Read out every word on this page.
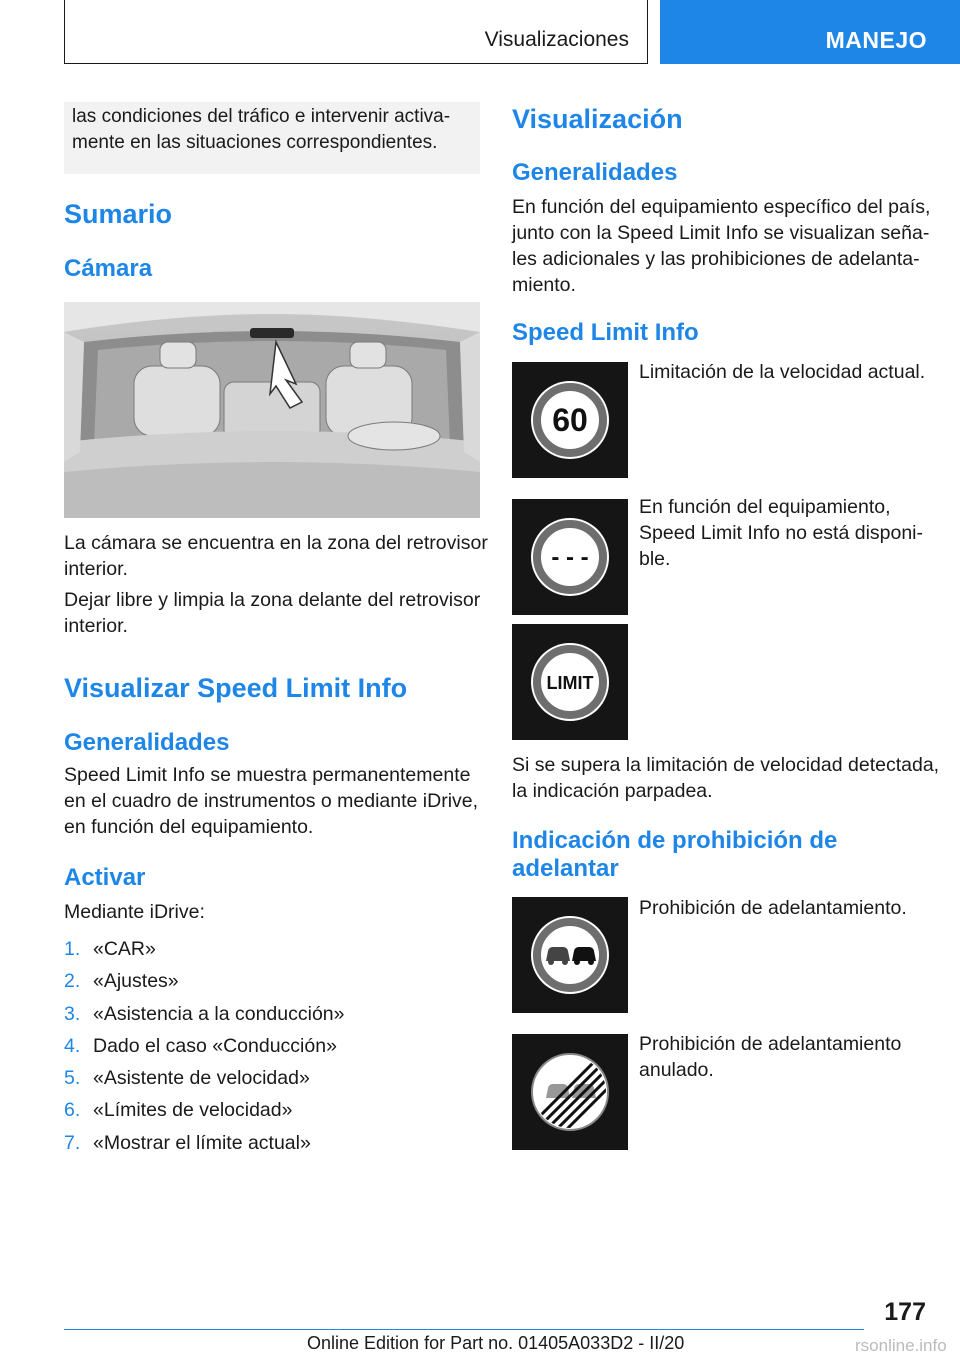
Visualizaciones	MANEJO
las condiciones del tráfico e intervenir activa-
mente en las situaciones correspondientes.
Sumario
Cámara

La cámara se encuentra en la zona del retrovisor
interior.

Dejar libre y limpia la zona delante del retrovisor
interior.

Visualizar Speed Limit Info
Generalidades

Speed Limit Info se muestra permanentemente
en el cuadro de instrumentos o mediante iDrive,
en función del equipamiento.

Activar

Mediante iDrive:

1. «CAR»
2. «Ajustes»
3. «Asistencia a la conducción»
4. Dado el caso «Conducción»
5. «Asistente de velocidad»
6. «Límites de velocidad»
7. «Mostrar el límite actual»
Visualización
Generalidades

En función del equipamiento específico del país,
junto con la Speed Limit Info se visualizan seña-
les adicionales y las prohibiciones de adelanta-
miento.

Speed Limit Info
60

Limitación de la velocidad actual.

- - -

En función del equipamiento,
Speed Limit Info no está disponi-
ble.

LIMIT

Si se supera la limitación de velocidad detectada,
la indicación parpadea.

Indicación de prohibición de
adelantar

Prohibición de adelantamiento.

Prohibición de adelantamiento
anulado.

177
Online Edition for Part no. 01405A033D2 - II/20	rsonline.info
